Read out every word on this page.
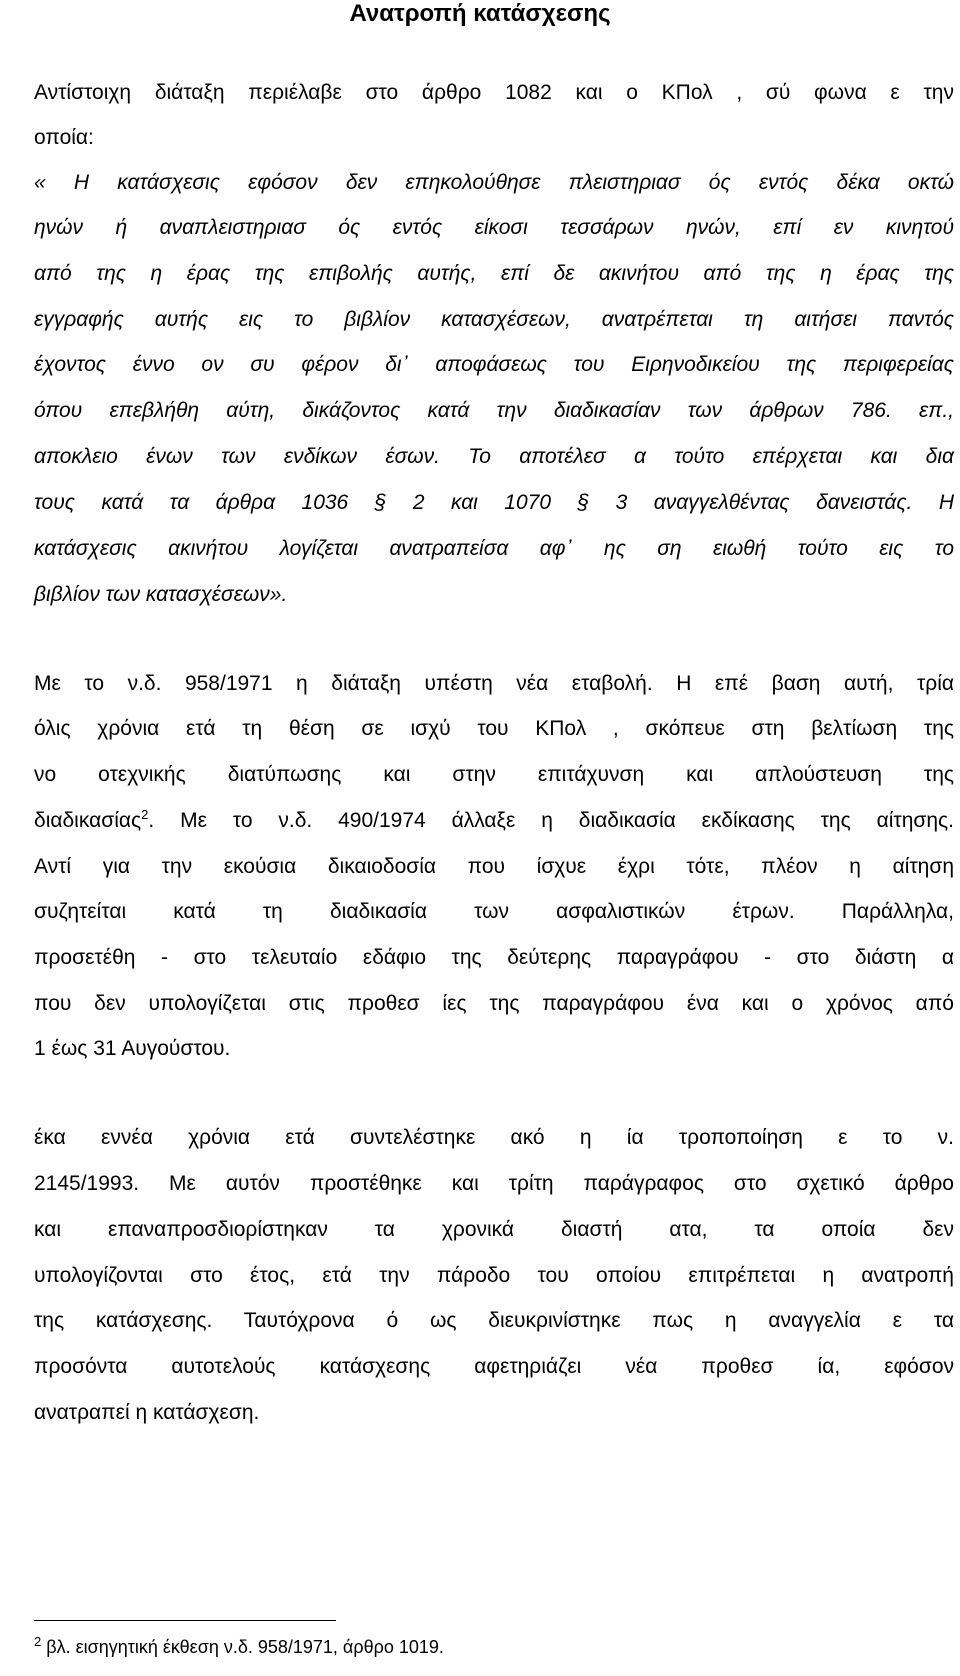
Ανατροπή κατάσχεσης
Αντίστοιχη διάταξη περιέλαβε στο άρθρο 1082 και ο ΚΠολ , σύ φωνα ε την
οποία:
« Η κατάσχεσις εφόσον δεν επηκολούθησε πλειστηριασ ός εντός δέκα οκτώ
ηνών ή αναπλειστηριασ ός εντός είκοσι τεσσάρων ηνών, επί εν κινητού
από της η έρας της επιβολής αυτής, επί δε ακινήτου από της η έρας της
εγγραφής αυτής εις το βιβλίον κατασχέσεων, ανατρέπεται τη αιτήσει παντός
έχοντος έννο ον συ φέρον δι᾽ αποφάσεως του Ειρηνοδικείου της περιφερείας
όπου επεβλήθη αύτη, δικάζοντος κατά την διαδικασίαν των άρθρων 786. επ.,
αποκλειο ένων των ενδίκων έσων. Το αποτέλεσ α τούτο επέρχεται και δια
τους κατά τα άρθρα 1036 § 2 και 1070 § 3 αναγγελθέντας δανειστάς. Η
κατάσχεσις ακινήτου λογίζεται ανατραπείσα αφ᾽ ης ση ειωθή τούτο εις το
βιβλίον των κατασχέσεων».
Με το ν.δ. 958/1971 η διάταξη υπέστη νέα εταβολή. Η επέ βαση αυτή, τρία
όλις χρόνια ετά τη θέση σε ισχύ του ΚΠολ , σκόπευε στη βελτίωση της
νο οτεχνικής διατύπωσης και στην επιτάχυνση και απλούστευση της
διαδικασίας$^2$. Με το ν.δ. 490/1974 άλλαξε η διαδικασία εκδίκασης της αίτησης.
Αντί για την εκούσια δικαιοδοσία που ίσχυε έχρι τότε, πλέον η αίτηση
συζητείται κατά τη διαδικασία των ασφαλιστικών έτρων. Παράλληλα,
προσετέθη - στο τελευταίο εδάφιο της δεύτερης παραγράφου - στο διάστη α
που δεν υπολογίζεται στις προθεσ ίες της παραγράφου ένα και ο χρόνος από
1 έως 31 Αυγούστου.
έκα εννέα χρόνια ετά συντελέστηκε ακό η ία τροποποίηση ε το ν.
2145/1993. Με αυτόν προστέθηκε και τρίτη παράγραφος στο σχετικό άρθρο
και επαναπροσδιορίστηκαν τα χρονικά διαστή ατα, τα οποία δεν
υπολογίζονται στο έτος, ετά την πάροδο του οποίου επιτρέπεται η ανατροπή
της κατάσχεσης. Ταυτόχρονα ό ως διευκρινίστηκε πως η αναγγελία ε τα
προσόντα αυτοτελούς κατάσχεσης αφετηριάζει νέα προθεσ ία, εφόσον
ανατραπεί η κατάσχεση.
$^2$ βλ. εισηγητική έκθεση ν.δ. 958/1971, άρθρο 1019.
